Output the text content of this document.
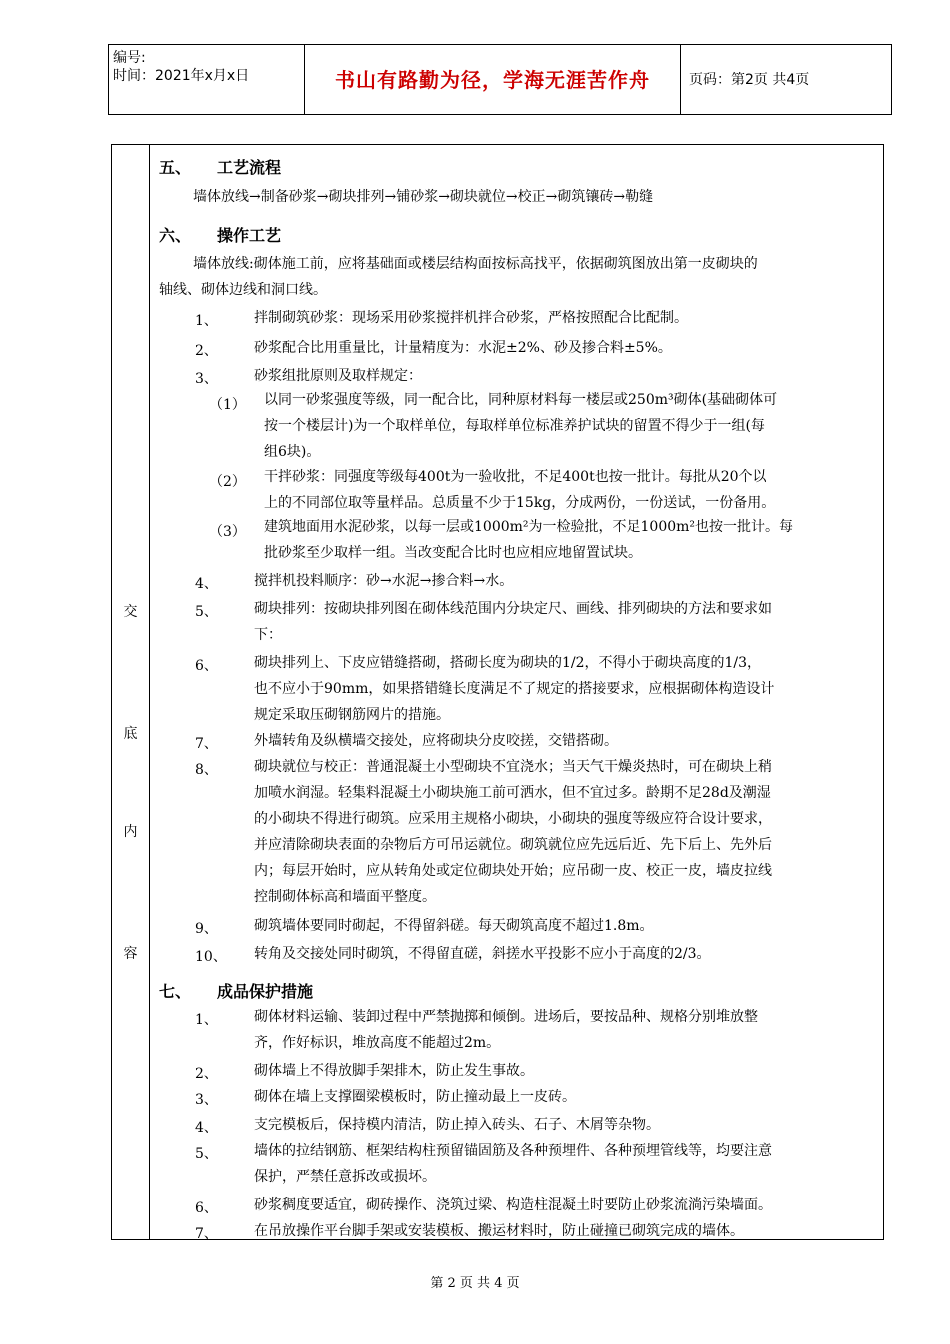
编号:
时间：2021年x月x日	书山有路勤为径，学海无涯苦作舟	页码：第2页 共4页
交
底
内
容
五、 工艺流程
墙体放线→制备砂浆→砌块排列→铺砂浆→砌块就位→校正→砌筑镶砖→勒缝
六、 操作工艺
墙体放线:砌体施工前，应将基础面或楼层结构面按标高找平，依据砌筑图放出第一皮砌块的
轴线、砌体边线和洞口线。
1、	拌制砌筑砂浆：现场采用砂浆搅拌机拌合砂浆，严格按照配合比配制。
2、	砂浆配合比用重量比，计量精度为：水泥±2%、砂及掺合料±5%。
3、	砂浆组批原则及取样规定：
（1） 以同一砂浆强度等级，同一配合比，同种原材料每一楼层或250m³砌体(基础砌体可
按一个楼层计)为一个取样单位，每取样单位标准养护试块的留置不得少于一组(每
组6块)。
（2） 干拌砂浆：同强度等级每400t为一验收批，不足400t也按一批计。每批从20个以
上的不同部位取等量样品。总质量不少于15kg，分成两份，一份送试，一份备用。
（3） 建筑地面用水泥砂浆，以每一层或1000m²为一检验批，不足1000m²也按一批计。每
批砂浆至少取样一组。当改变配合比时也应相应地留置试块。
4、	搅拌机投料顺序：砂→水泥→掺合料→水。
5、	砌块排列：按砌块排列图在砌体线范围内分块定尺、画线、排列砌块的方法和要求如
下：
6、	砌块排列上、下皮应错缝搭砌，搭砌长度为砌块的1/2，不得小于砌块高度的1/3，
也不应小于90mm，如果搭错缝长度满足不了规定的搭接要求，应根据砌体构造设计
规定采取压砌钢筋网片的措施。
7、	外墙转角及纵横墙交接处，应将砌块分皮咬搓，交错搭砌。
8、	砌块就位与校正：普通混凝土小型砌块不宜浇水；当天气干燥炎热时，可在砌块上稍
加喷水润湿。轻集料混凝土小砌块施工前可洒水，但不宜过多。龄期不足28d及潮湿
的小砌块不得进行砌筑。应采用主规格小砌块，小砌块的强度等级应符合设计要求，
并应清除砌块表面的杂物后方可吊运就位。砌筑就位应先远后近、先下后上、先外后
内；每层开始时，应从转角处或定位砌块处开始；应吊砌一皮、校正一皮，墙皮拉线
控制砌体标高和墙面平整度。
9、	砌筑墙体要同时砌起，不得留斜磋。每天砌筑高度不超过1.8m。
10、 转角及交接处同时砌筑，不得留直磋，斜搓水平投影不应小于高度的2/3。
七、 成品保护措施
1、	砌体材料运输、装卸过程中严禁抛掷和倾倒。进场后，要按品种、规格分别堆放整
齐，作好标识，堆放高度不能超过2m。
2、	砌体墙上不得放脚手架排木，防止发生事故。
3、	砌体在墙上支撑圈梁模板时，防止撞动最上一皮砖。
4、	支完模板后，保持模内清洁，防止掉入砖头、石子、木屑等杂物。
5、	墙体的拉结钢筋、框架结构柱预留锚固筋及各种预埋件、各种预埋管线等，均要注意
保护，严禁任意拆改或损坏。
6、	砂浆稠度要适宜，砌砖操作、浇筑过梁、构造柱混凝土时要防止砂浆流淌污染墙面。
7、	在吊放操作平台脚手架或安装模板、搬运材料时，防止碰撞已砌筑完成的墙体。
第 2 页 共 4 页
